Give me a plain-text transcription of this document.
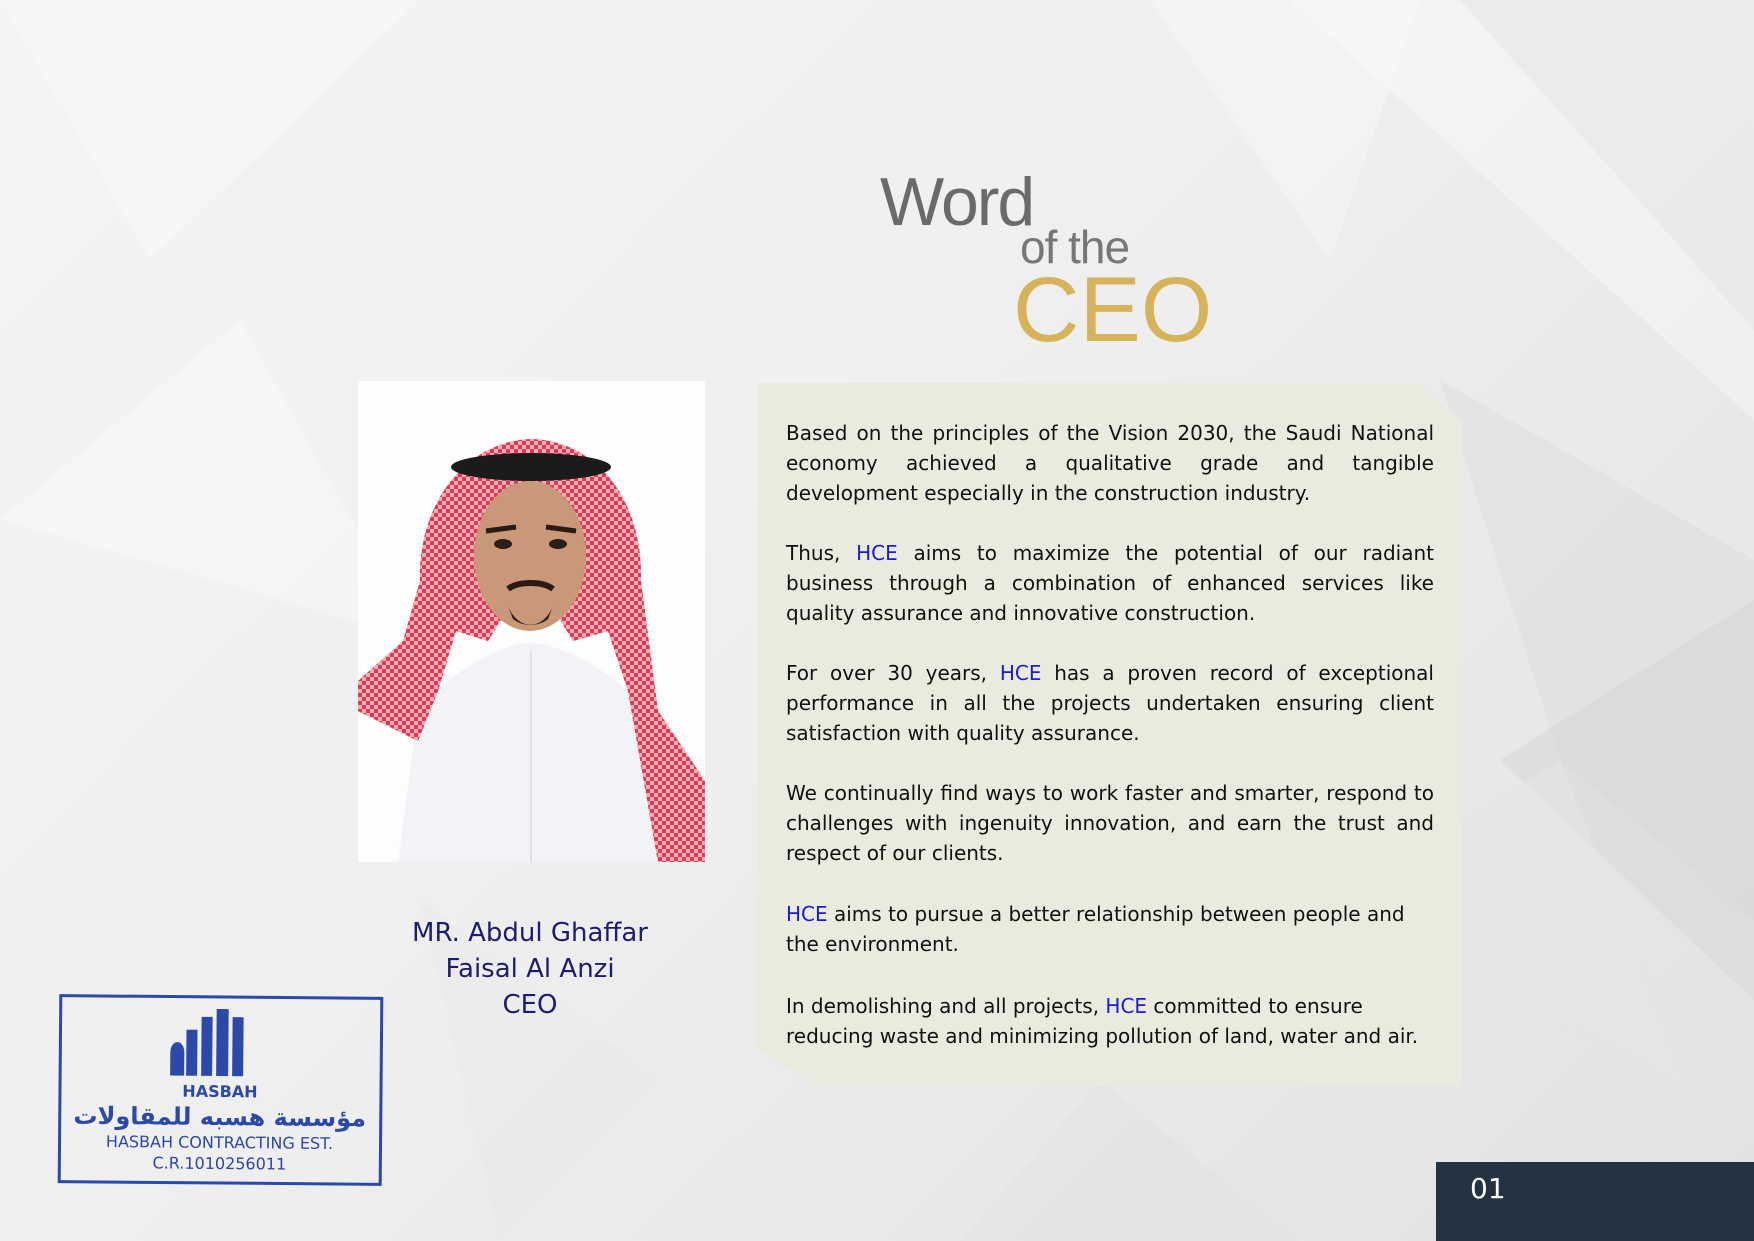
Word
of the
CEO

Based on the principles of the Vision 2030, the Saudi National economy achieved a qualitative grade and tangible development especially in the construction industry.

Thus, HCE aims to maximize the potential of our radiant business through a combination of enhanced services like quality assurance and innovative construction.

For over 30 years, HCE has a proven record of exceptional performance in all the projects undertaken ensuring client satisfaction with quality assurance.

We continually find ways to work faster and smarter, respond to challenges with ingenuity innovation, and earn the trust and respect of our clients.

HCE aims to pursue a better relationship between people and the environment.

In demolishing and all projects, HCE committed to ensure reducing waste and minimizing pollution of land, water and air.

MR. Abdul Ghaffar
Faisal Al Anzi
CEO
HASBAH
مؤسسة هسبه للمقاولات
HASBAH CONTRACTING EST.
C.R.1010256011
01
